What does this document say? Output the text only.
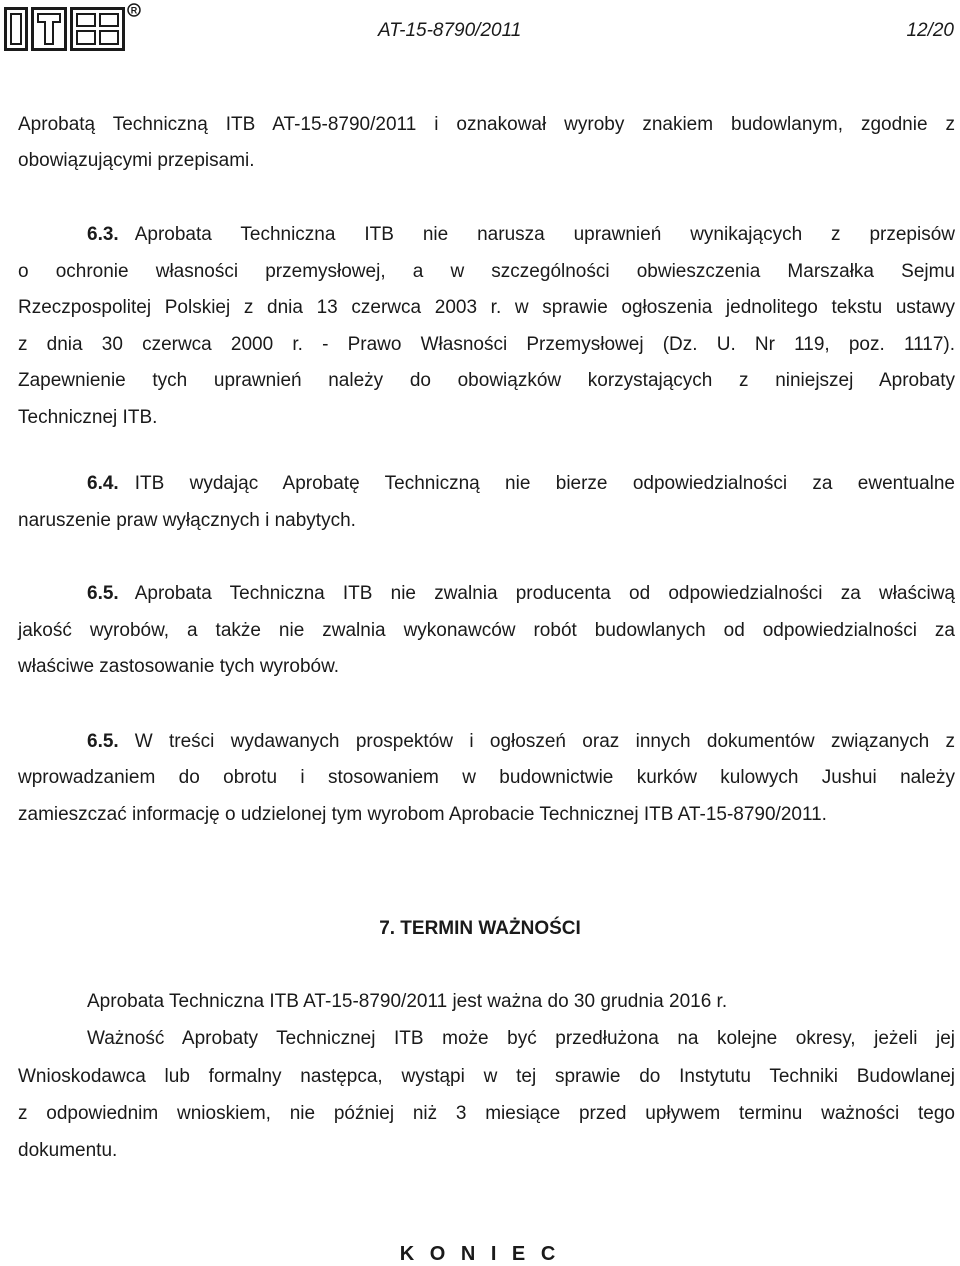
R
AT-15-8790/2011	12/20
Aprobatą Techniczną ITB AT-15-8790/2011 i oznakował wyroby znakiem budowlanym, zgodnie z
obowiązującymi przepisami.
6.3. Aprobata Techniczna ITB nie narusza uprawnień wynikających z przepisów
o ochronie własności przemysłowej, a w szczególności obwieszczenia Marszałka Sejmu
Rzeczpospolitej Polskiej z dnia 13 czerwca 2003 r. w sprawie ogłoszenia jednolitego tekstu ustawy
z dnia 30 czerwca 2000 r. - Prawo Własności Przemysłowej (Dz. U. Nr 119, poz. 1117).
Zapewnienie tych uprawnień należy do obowiązków korzystających z niniejszej Aprobaty
Technicznej ITB.
6.4. ITB wydając Aprobatę Techniczną nie bierze odpowiedzialności za ewentualne
naruszenie praw wyłącznych i nabytych.
6.5. Aprobata Techniczna ITB nie zwalnia producenta od odpowiedzialności za właściwą
jakość wyrobów, a także nie zwalnia wykonawców robót budowlanych od odpowiedzialności za
właściwe zastosowanie tych wyrobów.
6.5. W treści wydawanych prospektów i ogłoszeń oraz innych dokumentów związanych z
wprowadzaniem do obrotu i stosowaniem w budownictwie kurków kulowych Jushui należy
zamieszczać informację o udzielonej tym wyrobom Aprobacie Technicznej ITB AT-15-8790/2011.
7. TERMIN WAŻNOŚCI
Aprobata Techniczna ITB AT-15-8790/2011 jest ważna do 30 grudnia 2016 r.
Ważność Aprobaty Technicznej ITB może być przedłużona na kolejne okresy, jeżeli jej
Wnioskodawca lub formalny następca, wystąpi w tej sprawie do Instytutu Techniki Budowlanej
z odpowiednim wnioskiem, nie później niż 3 miesiące przed upływem terminu ważności tego
dokumentu.
K O N I E C
